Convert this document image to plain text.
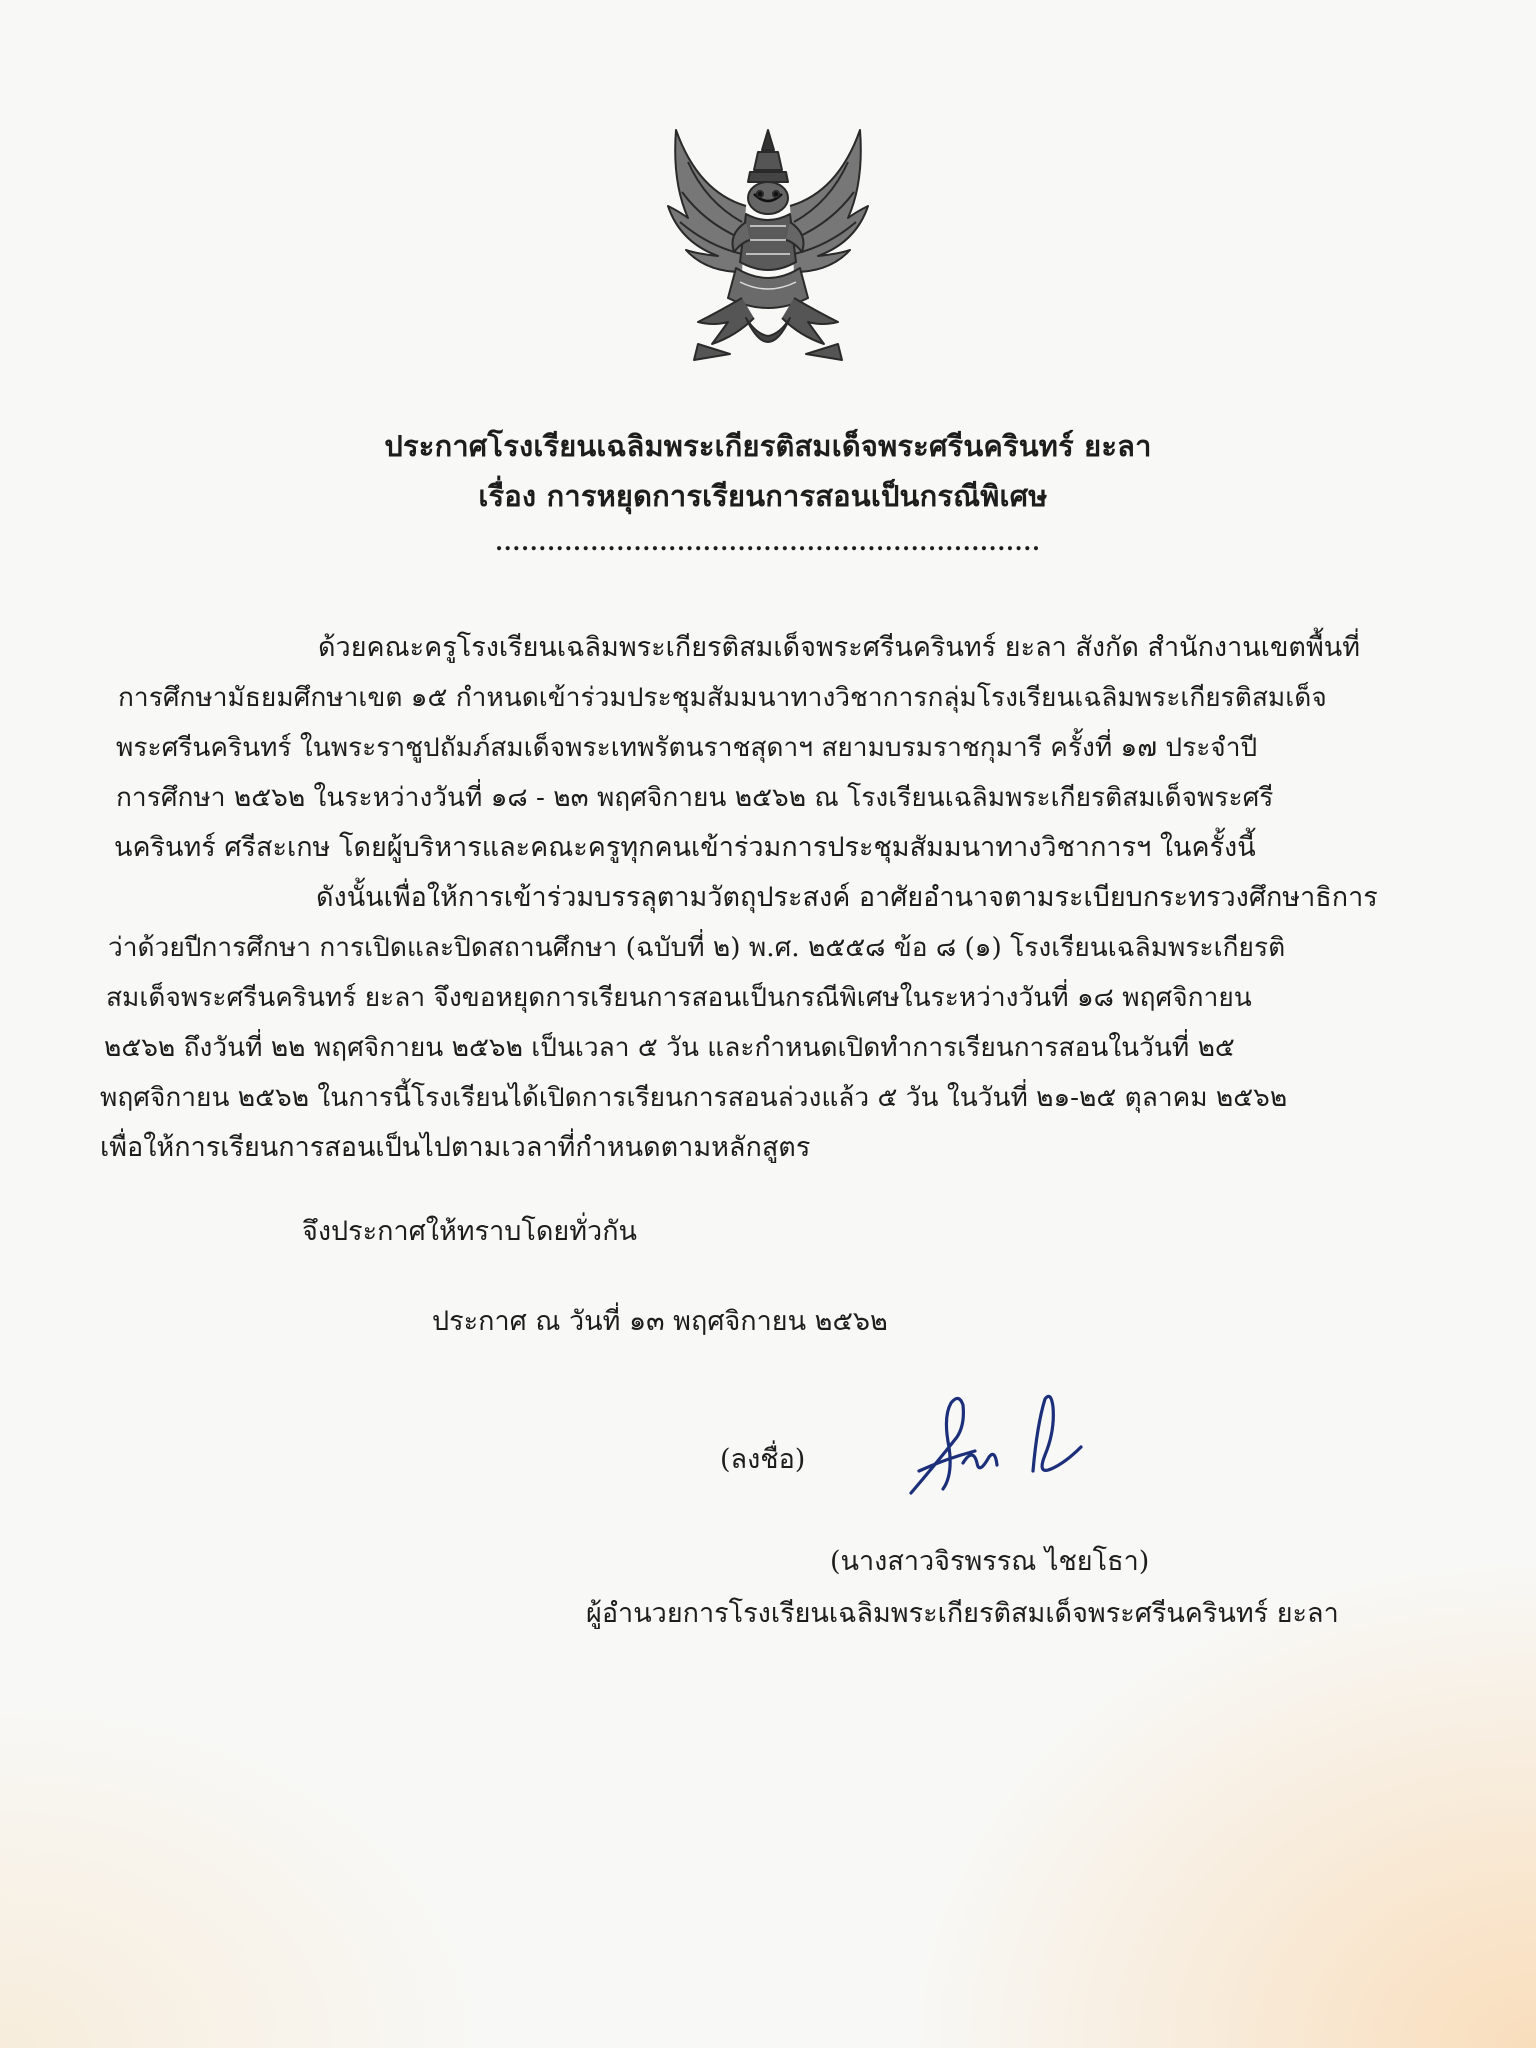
ประกาศโรงเรียนเฉลิมพระเกียรติสมเด็จพระศรีนครินทร์ ยะลา
เรื่อง การหยุดการเรียนการสอนเป็นกรณีพิเศษ
...............................................................
ด้วยคณะครูโรงเรียนเฉลิมพระเกียรติสมเด็จพระศรีนครินทร์ ยะลา สังกัด สำนักงานเขตพื้นที่
การศึกษามัธยมศึกษาเขต ๑๕ กำหนดเข้าร่วมประชุมสัมมนาทางวิชาการกลุ่มโรงเรียนเฉลิมพระเกียรติสมเด็จ
พระศรีนครินทร์ ในพระราชูปถัมภ์สมเด็จพระเทพรัตนราชสุดาฯ สยามบรมราชกุมารี ครั้งที่ ๑๗ ประจำปี
การศึกษา ๒๕๖๒ ในระหว่างวันที่ ๑๘ - ๒๓ พฤศจิกายน ๒๕๖๒ ณ โรงเรียนเฉลิมพระเกียรติสมเด็จพระศรี
นครินทร์ ศรีสะเกษ โดยผู้บริหารและคณะครูทุกคนเข้าร่วมการประชุมสัมมนาทางวิชาการฯ ในครั้งนี้
ดังนั้นเพื่อให้การเข้าร่วมบรรลุตามวัตถุประสงค์ อาศัยอำนาจตามระเบียบกระทรวงศึกษาธิการ
ว่าด้วยปีการศึกษา การเปิดและปิดสถานศึกษา (ฉบับที่ ๒) พ.ศ. ๒๕๕๘ ข้อ ๘ (๑) โรงเรียนเฉลิมพระเกียรติ
สมเด็จพระศรีนครินทร์ ยะลา จึงขอหยุดการเรียนการสอนเป็นกรณีพิเศษในระหว่างวันที่ ๑๘ พฤศจิกายน
๒๕๖๒ ถึงวันที่ ๒๒ พฤศจิกายน ๒๕๖๒ เป็นเวลา ๕ วัน และกำหนดเปิดทำการเรียนการสอนในวันที่ ๒๕
พฤศจิกายน ๒๕๖๒ ในการนี้โรงเรียนได้เปิดการเรียนการสอนล่วงแล้ว ๕ วัน ในวันที่ ๒๑-๒๕ ตุลาคม ๒๕๖๒
เพื่อให้การเรียนการสอนเป็นไปตามเวลาที่กำหนดตามหลักสูตร
จึงประกาศให้ทราบโดยทั่วกัน
ประกาศ ณ วันที่ ๑๓ พฤศจิกายน ๒๕๖๒
(ลงชื่อ)
(นางสาวจิรพรรณ ไชยโธา)
ผู้อำนวยการโรงเรียนเฉลิมพระเกียรติสมเด็จพระศรีนครินทร์ ยะลา
